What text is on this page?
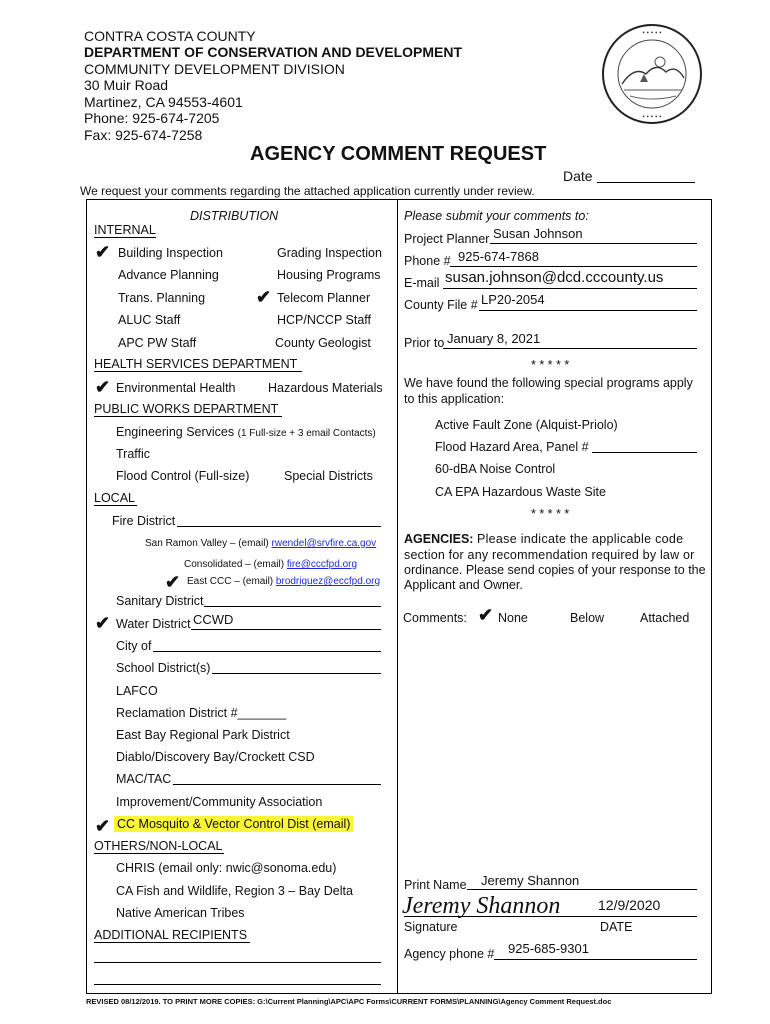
CONTRA COSTA COUNTY
DEPARTMENT OF CONSERVATION AND DEVELOPMENT
COMMUNITY DEVELOPMENT DIVISION
30 Muir Road
Martinez, CA 94553-4601
Phone: 925-674-7205
Fax: 925-674-7258
• • • • •
• • • • •
AGENCY COMMENT REQUEST
Date
We request your comments regarding the attached application currently under review.
DISTRIBUTION
INTERNAL
✔ Building Inspection	Grading Inspection
Advance Planning	Housing Programs
Trans. Planning	✔ Telecom Planner
ALUC Staff	HCP/NCCP Staff
APC PW Staff	County Geologist
HEALTH SERVICES DEPARTMENT
✔ Environmental Health	Hazardous Materials
PUBLIC WORKS DEPARTMENT
Engineering Services (1 Full-size + 3 email Contacts)
Traffic
Flood Control (Full-size)	Special Districts
LOCAL
Fire District
San Ramon Valley – (email) rwendel@srvfire.ca.gov
Consolidated – (email) fire@cccfpd.org
✔ East CCC – (email) brodriguez@eccfpd.org
Sanitary District
✔ Water District CCWD
City of
School District(s)
LAFCO
Reclamation District #_______
East Bay Regional Park District
Diablo/Discovery Bay/Crockett CSD
MAC/TAC
Improvement/Community Association
✔ CC Mosquito & Vector Control Dist (email)
OTHERS/NON-LOCAL
CHRIS (email only: nwic@sonoma.edu)
CA Fish and Wildlife, Region 3 – Bay Delta
Native American Tribes
ADDITIONAL RECIPIENTS
Please submit your comments to:
Project Planner Susan Johnson
Phone # 925-674-7868
E-mail susan.johnson@dcd.cccounty.us
County File # LP20-2054
Prior to January 8, 2021
* * * * *
We have found the following special programs apply
to this application:
Active Fault Zone (Alquist-Priolo)
Flood Hazard Area, Panel #
60-dBA Noise Control
CA EPA Hazardous Waste Site
* * * * *
AGENCIES: Please indicate the applicable code
section for any recommendation required by law or
ordinance. Please send copies of your response to the
Applicant and Owner.
Comments: ✔ None	Below	Attached
Print Name Jeremy Shannon
Jeremy Shannon	12/9/2020
Signature	DATE
Agency phone # 925-685-9301
REVISED 08/12/2019. TO PRINT MORE COPIES: G:\Current Planning\APC\APC Forms\CURRENT FORMS\PLANNING\Agency Comment Request.doc
